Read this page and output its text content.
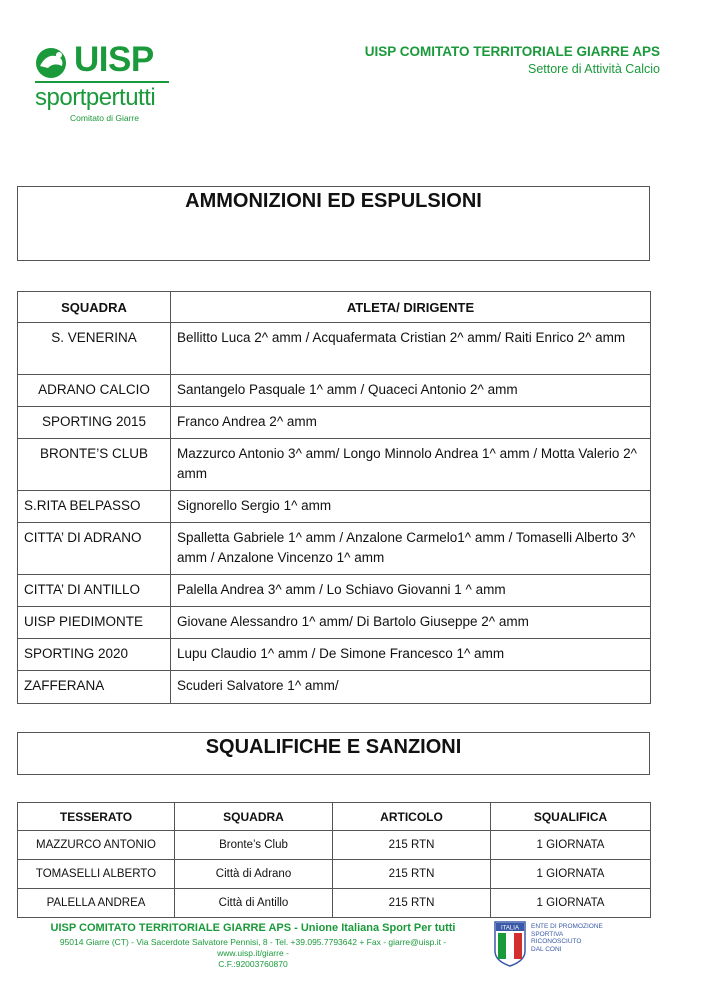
UISP
sportpertutti
Comitato di Giarre
UISP COMITATO TERRITORIALE GIARRE APS
Settore di Attività Calcio
AMMONIZIONI ED ESPULSIONI
SQUADRA	ATLETA/ DIRIGENTE
S. VENERINA	Bellitto Luca 2^ amm / Acquafermata Cristian 2^ amm/ Raiti Enrico 2^ amm
ADRANO CALCIO	Santangelo Pasquale 1^ amm / Quaceci Antonio 2^ amm
SPORTING 2015	Franco Andrea 2^ amm
BRONTE’S CLUB	Mazzurco Antonio 3^ amm/ Longo Minnolo Andrea 1^ amm / Motta Valerio 2^ amm
S.RITA BELPASSO	Signorello Sergio 1^ amm
CITTA’ DI ADRANO	Spalletta Gabriele 1^ amm / Anzalone Carmelo1^ amm / Tomaselli Alberto 3^ amm / Anzalone Vincenzo 1^ amm
CITTA’ DI ANTILLO	Palella Andrea 3^ amm / Lo Schiavo Giovanni 1 ^ amm
UISP PIEDIMONTE	Giovane Alessandro 1^ amm/ Di Bartolo Giuseppe 2^ amm
SPORTING 2020	Lupu Claudio 1^ amm / De Simone Francesco 1^ amm
ZAFFERANA	Scuderi Salvatore 1^ amm/
SQUALIFICHE E SANZIONI
TESSERATO	SQUADRA	ARTICOLO	SQUALIFICA
MAZZURCO ANTONIO	Bronte’s Club	215 RTN	1 GIORNATA
TOMASELLI ALBERTO	Città di Adrano	215 RTN	1 GIORNATA
PALELLA ANDREA	Città di Antillo	215 RTN	1 GIORNATA
UISP COMITATO TERRITORIALE GIARRE APS - Unione Italiana Sport Per tutti
95014 Giarre (CT) - Via Sacerdote Salvatore Pennisi, 8 - Tel. +39.095.7793642 + Fax - giarre@uisp.it - www.uisp.it/giarre -
C.F.:92003760870
ITALIA ENTE DI PROMOZIONE
SPORTIVA
RICONOSCIUTO
DAL CONI
